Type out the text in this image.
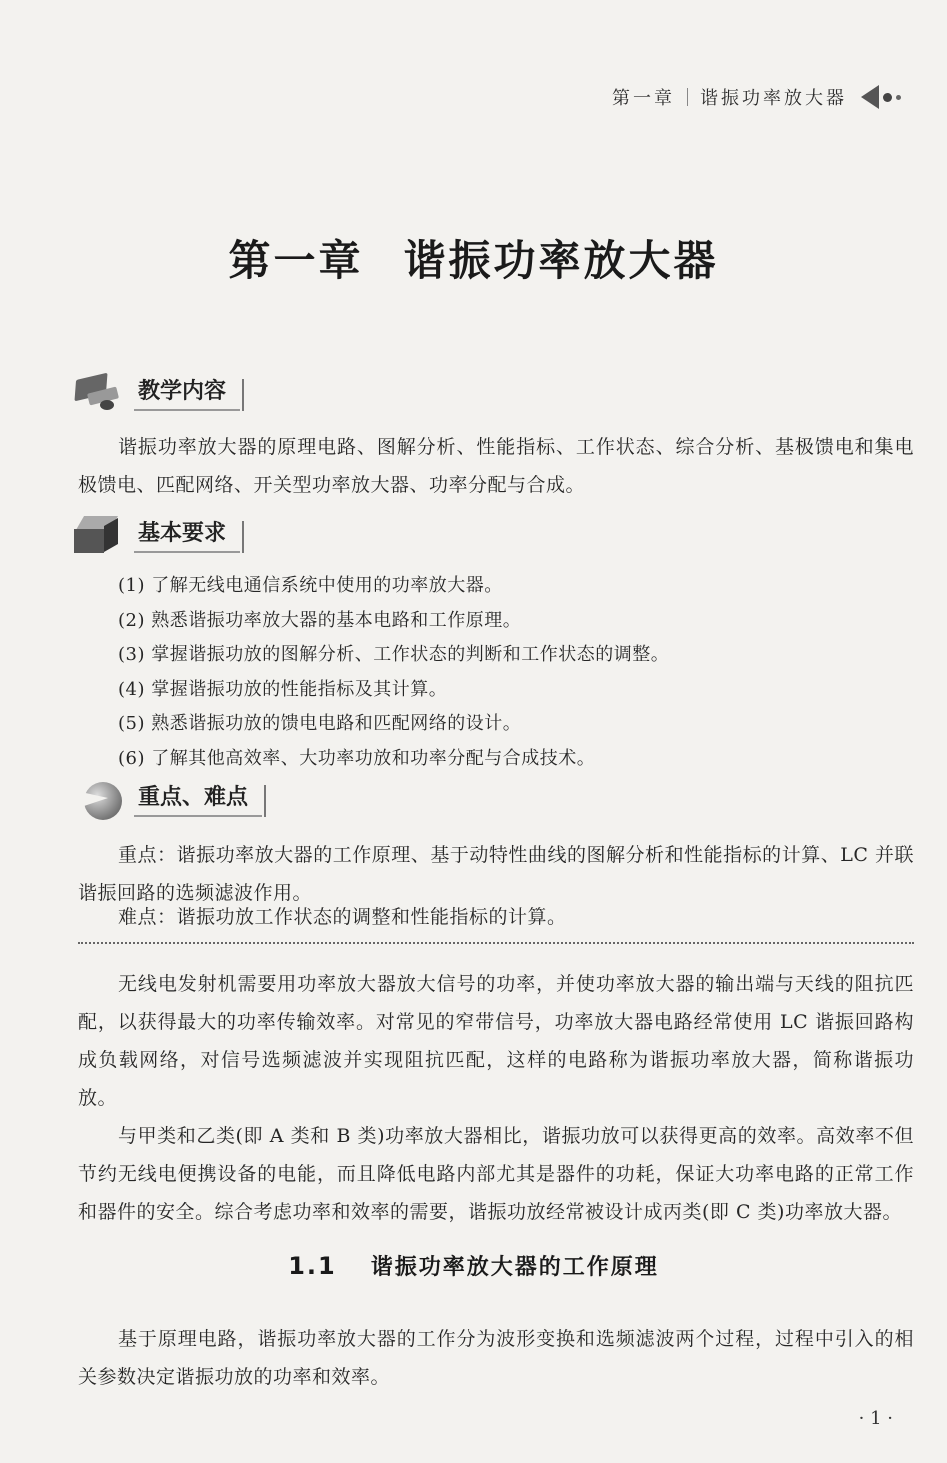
第一章 谐振功率放大器
第一章 谐振功率放大器
教学内容

谐振功率放大器的原理电路、图解分析、性能指标、工作状态、综合分析、基极馈电和集电极馈电、匹配网络、开关型功率放大器、功率分配与合成。

基本要求
(1) 了解无线电通信系统中使用的功率放大器。
(2) 熟悉谐振功率放大器的基本电路和工作原理。
(3) 掌握谐振功放的图解分析、工作状态的判断和工作状态的调整。
(4) 掌握谐振功放的性能指标及其计算。
(5) 熟悉谐振功放的馈电电路和匹配网络的设计。
(6) 了解其他高效率、大功率功放和功率分配与合成技术。
重点、难点

重点：谐振功率放大器的工作原理、基于动特性曲线的图解分析和性能指标的计算、LC 并联谐振回路的选频滤波作用。

难点：谐振功放工作状态的调整和性能指标的计算。

无线电发射机需要用功率放大器放大信号的功率，并使功率放大器的输出端与天线的阻抗匹配，以获得最大的功率传输效率。对常见的窄带信号，功率放大器电路经常使用 LC 谐振回路构成负载网络，对信号选频滤波并实现阻抗匹配，这样的电路称为谐振功率放大器，简称谐振功放。

与甲类和乙类(即 A 类和 B 类)功率放大器相比，谐振功放可以获得更高的效率。高效率不但节约无线电便携设备的电能，而且降低电路内部尤其是器件的功耗，保证大功率电路的正常工作和器件的安全。综合考虑功率和效率的需要，谐振功放经常被设计成丙类(即 C 类)功率放大器。

1.1 谐振功率放大器的工作原理

基于原理电路，谐振功率放大器的工作分为波形变换和选频滤波两个过程，过程中引入的相关参数决定谐振功放的功率和效率。

· 1 ·
